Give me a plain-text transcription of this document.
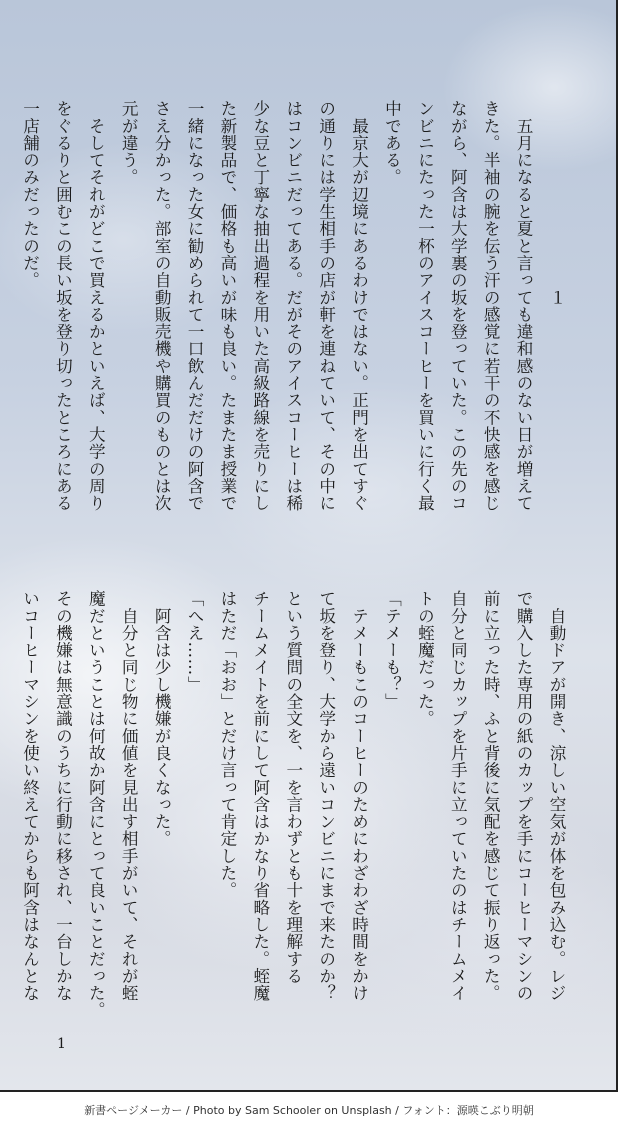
　　　　　　　　　　　１
　五月になると夏と言っても違和感のない日が増えて
きた。半袖の腕を伝う汗の感覚に若干の不快感を感じ
ながら、阿含は大学裏の坂を登っていた。この先のコ
ンビニにたった一杯のアイスコーヒーを買いに行く最
中である。
　最京大が辺境にあるわけではない。正門を出てすぐ
の通りには学生相手の店が軒を連ねていて、その中に
はコンビニだってある。だがそのアイスコーヒーは稀
少な豆と丁寧な抽出過程を用いた高級路線を売りにし
た新製品で、価格も高いが味も良い。たまたま授業で
一緒になった女に勧められて一口飲んだだけの阿含で
さえ分かった。部室の自動販売機や購買のものとは次
元が違う。
　そしてそれがどこで買えるかといえば、大学の周り
をぐるりと囲むこの長い坂を登り切ったところにある
一店舗のみだったのだ。
　自動ドアが開き、涼しい空気が体を包み込む。レジ
で購入した専用の紙のカップを手にコーヒーマシンの
前に立った時、ふと背後に気配を感じて振り返った。
自分と同じカップを片手に立っていたのはチームメイ
トの蛭魔だった。
「テメーも？」
　テメーもこのコーヒーのためにわざわざ時間をかけ
て坂を登り、大学から遠いコンビニにまで来たのか？
という質問の全文を、一を言わずとも十を理解する
チームメイトを前にして阿含はかなり省略した。蛭魔
はただ「おお」とだけ言って肯定した。
「へえ……」
　阿含は少し機嫌が良くなった。
　自分と同じ物に価値を見出す相手がいて、それが蛭
魔だということは何故か阿含にとって良いことだった。
その機嫌は無意識のうちに行動に移され、一台しかな
いコーヒーマシンを使い終えてからも阿含はなんとな
1
新書ページメーカー / Photo by Sam Schooler on Unsplash / フォント：源暎こぶり明朝
